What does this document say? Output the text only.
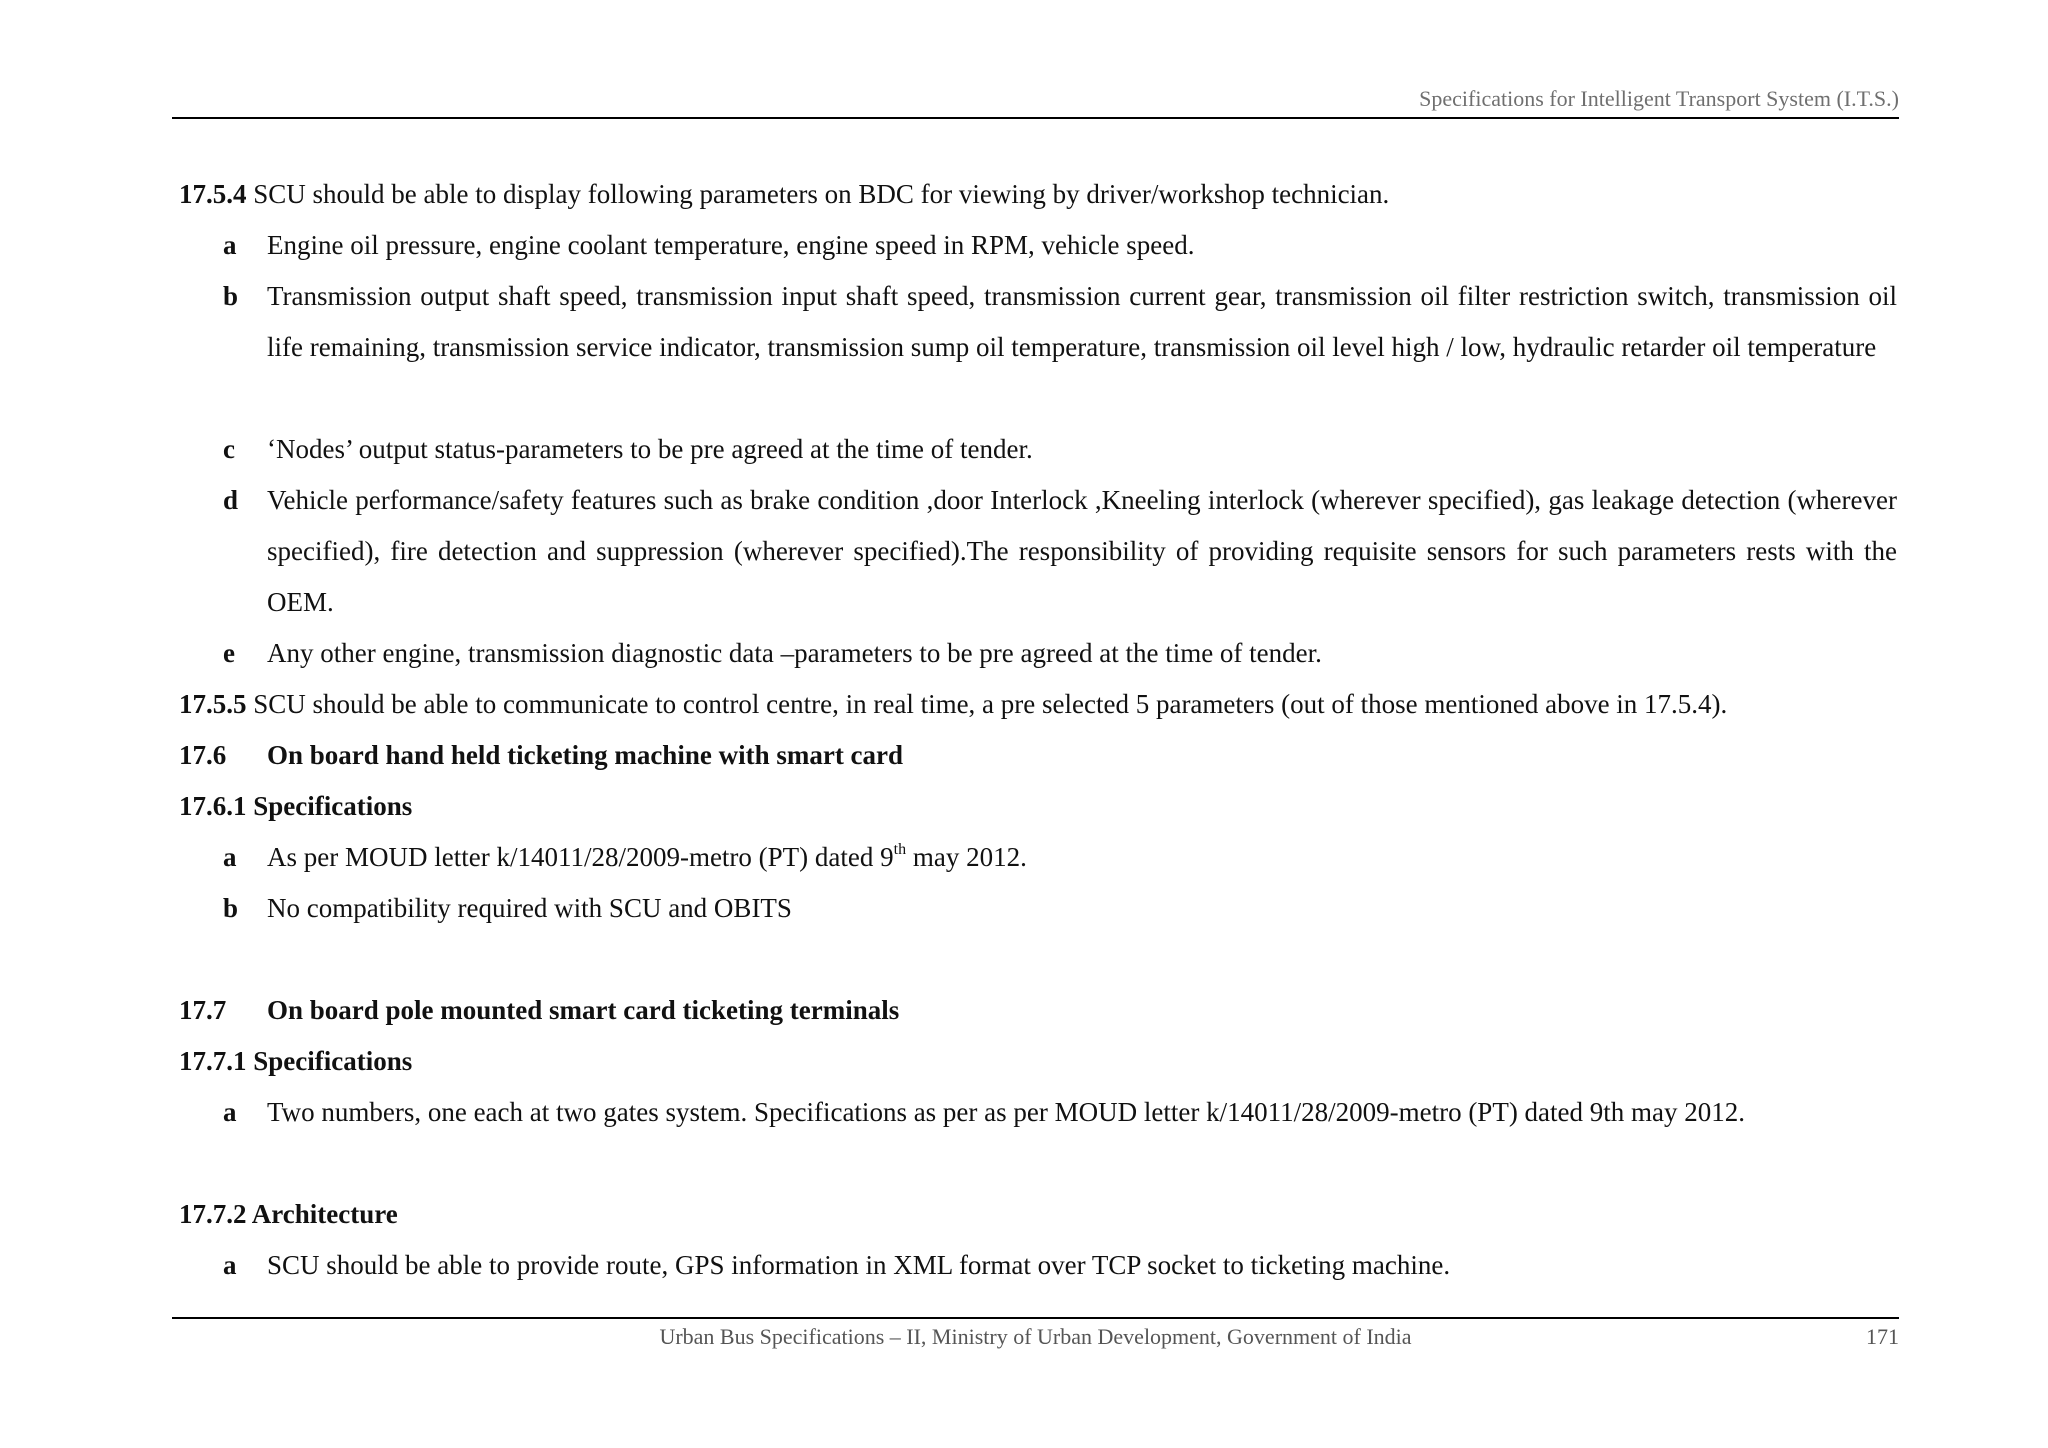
Specifications for Intelligent Transport System (I.T.S.)
17.5.4 SCU should be able to display following parameters on BDC for viewing by driver/workshop technician.
a Engine oil pressure, engine coolant temperature, engine speed in RPM, vehicle speed.
b Transmission output shaft speed, transmission input shaft speed, transmission current gear, transmission oil filter restriction switch, transmission oil life remaining, transmission service indicator, transmission sump oil temperature, transmission oil level high / low, hydraulic retarder oil temperature
c ‘Nodes’ output status-parameters to be pre agreed at the time of tender.
d Vehicle performance/safety features such as brake condition ,door Interlock ,Kneeling interlock (wherever specified), gas leakage detection (wherever specified), fire detection and suppression (wherever specified).The responsibility of providing requisite sensors for such parameters rests with the OEM.
e Any other engine, transmission diagnostic data –parameters to be pre agreed at the time of tender.
17.5.5 SCU should be able to communicate to control centre, in real time, a pre selected 5 parameters (out of those mentioned above in 17.5.4).
17.6 On board hand held ticketing machine with smart card
17.6.1 Specifications
a As per MOUD letter k/14011/28/2009-metro (PT) dated 9th may 2012.
b No compatibility required with SCU and OBITS
17.7 On board pole mounted smart card ticketing terminals
17.7.1 Specifications
a Two numbers, one each at two gates system. Specifications as per as per MOUD letter k/14011/28/2009-metro (PT) dated 9th may 2012.
17.7.2 Architecture
a SCU should be able to provide route, GPS information in XML format over TCP socket to ticketing machine.
Urban Bus Specifications – II, Ministry of Urban Development, Government of India	171
